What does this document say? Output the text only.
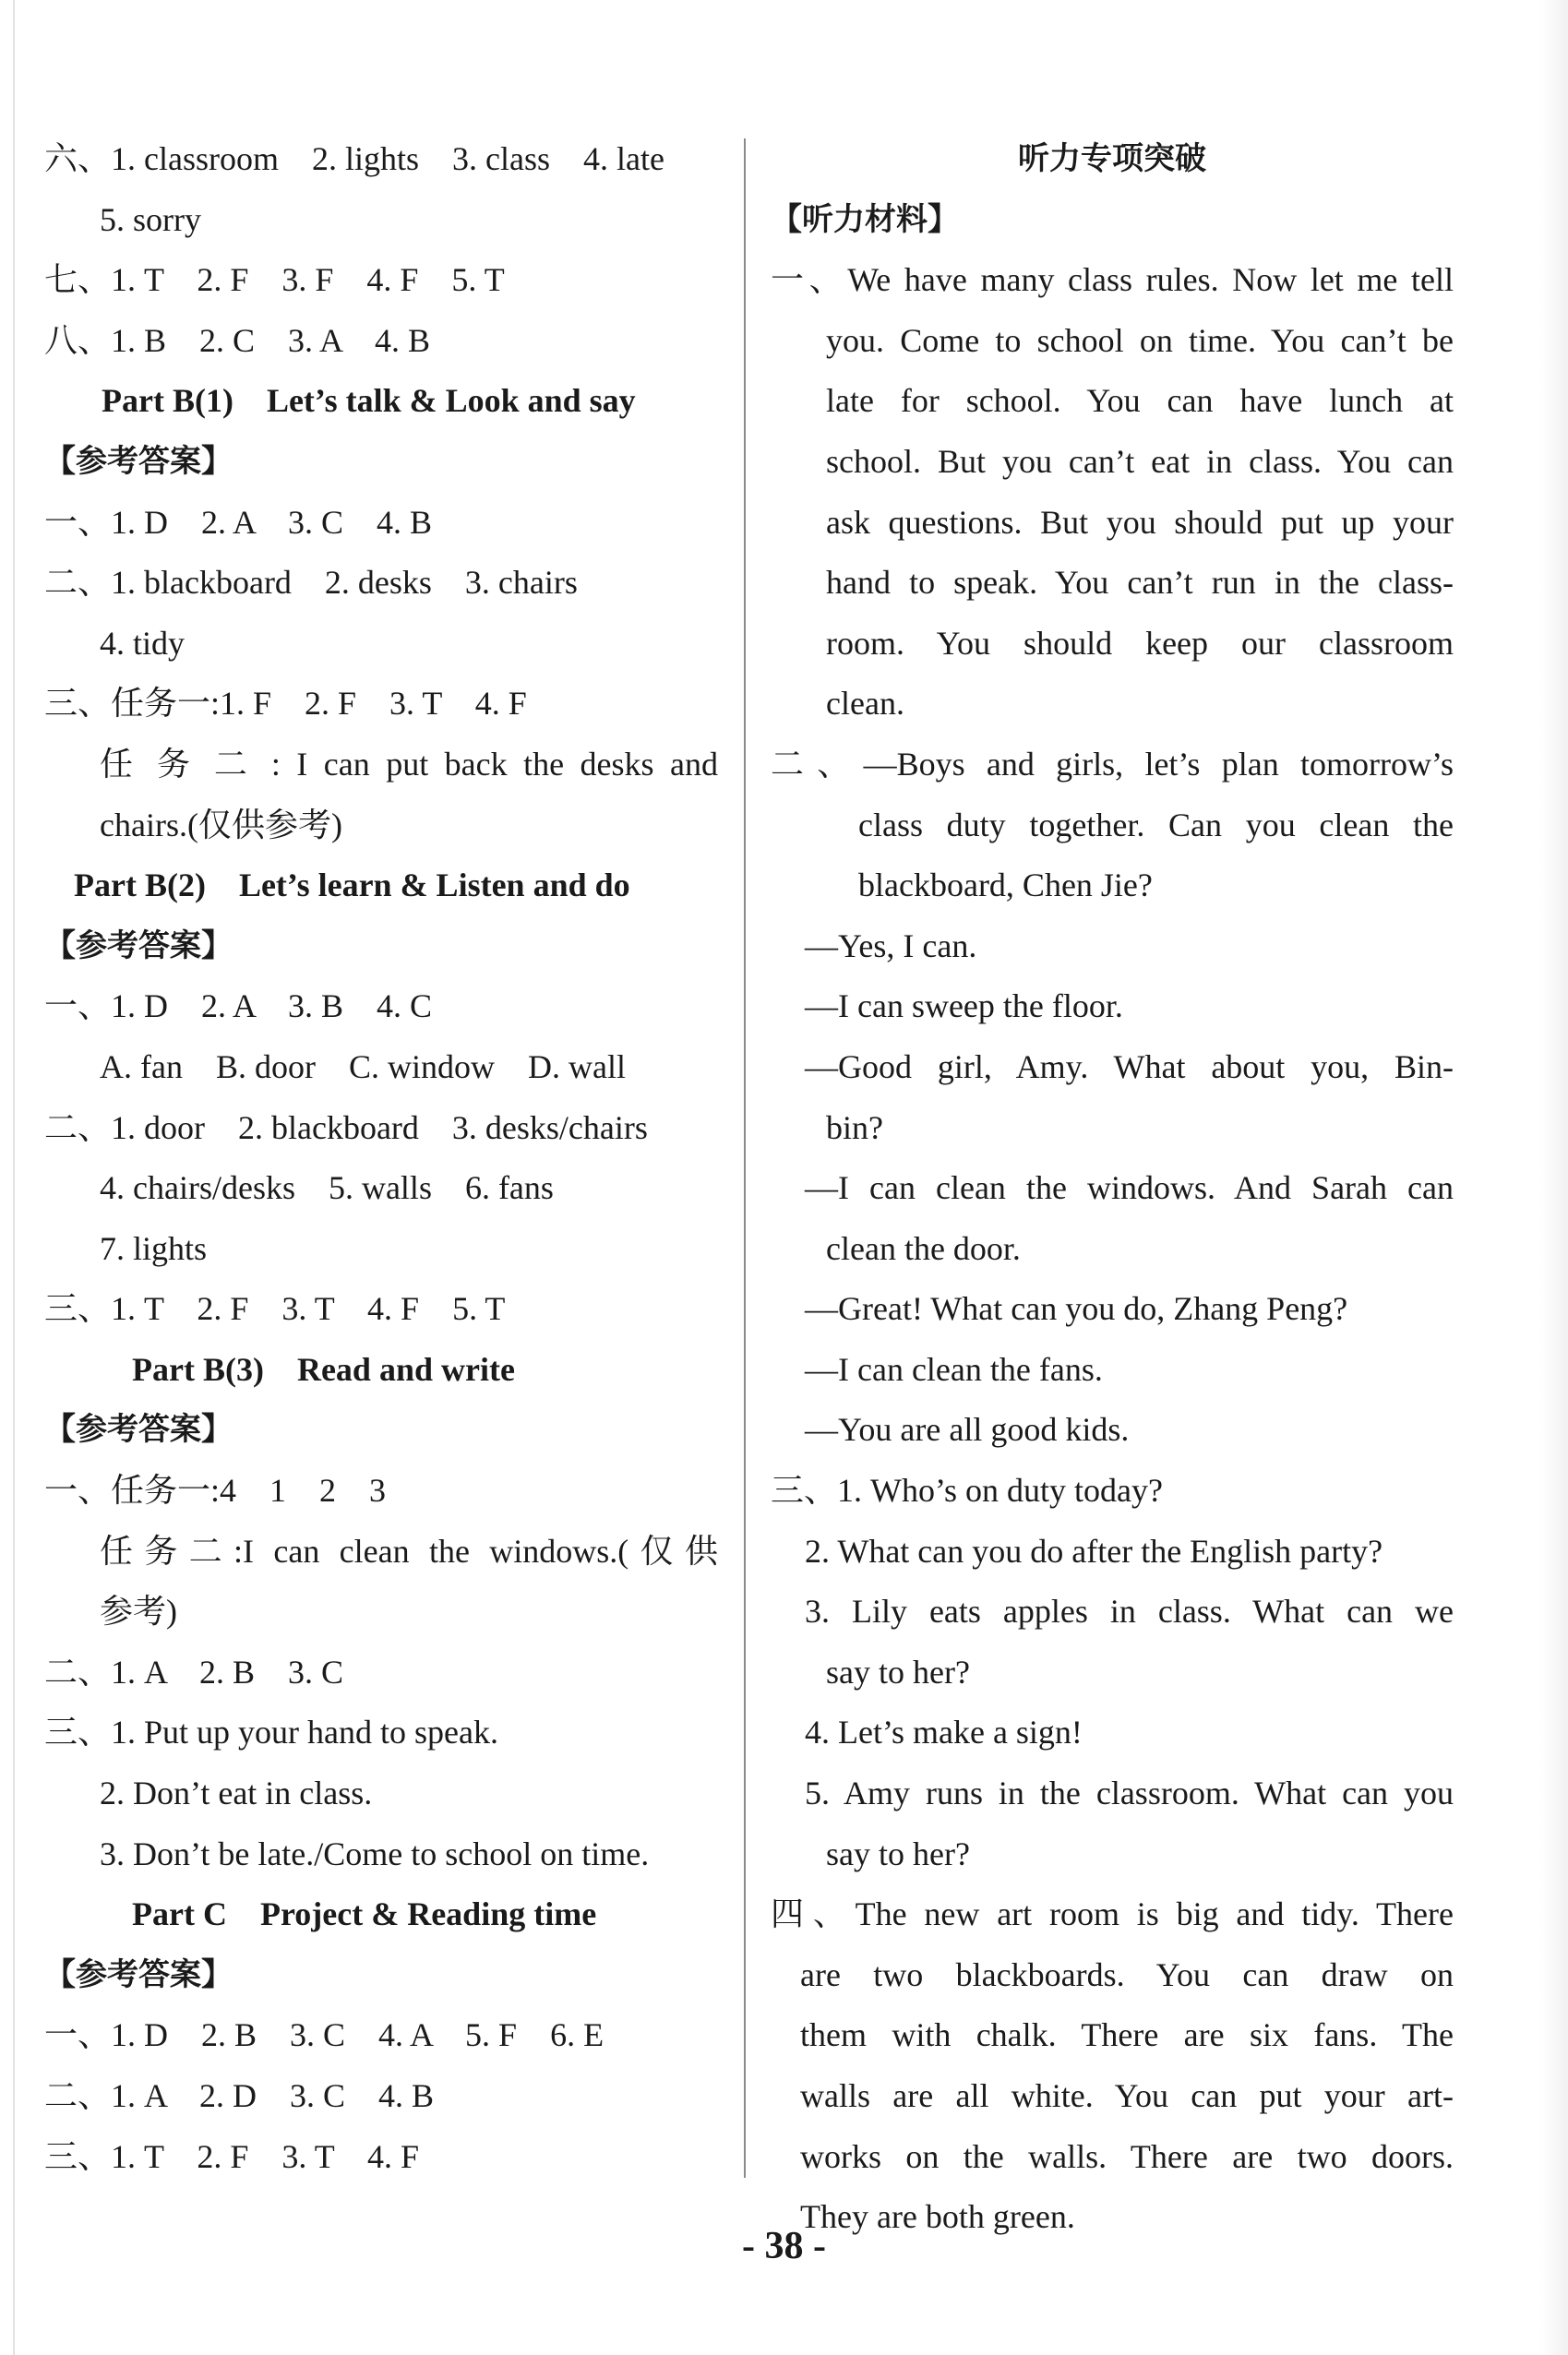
六、1. classroom　2. lights　3. class　4. late
5. sorry
七、1. T　2. F　3. F　4. F　5. T
八、1. B　2. C　3. A　4. B
Part B(1)　Let’s talk & Look and say
【参考答案】
一、1. D　2. A　3. C　4. B
二、1. blackboard　2. desks　3. chairs
4. tidy
三、任务一:1. F　2. F　3. T　4. F
任 务 二 : I can put back the desks and
chairs.(仅供参考)
Part B(2)　Let’s learn & Listen and do
【参考答案】
一、1. D　2. A　3. B　4. C
A. fan　B. door　C. window　D. wall
二、1. door　2. blackboard　3. desks/chairs
4. chairs/desks　5. walls　6. fans
7. lights
三、1. T　2. F　3. T　4. F　5. T
Part B(3)　Read and write
【参考答案】
一、任务一:4　1　2　3
任务二:I can clean the windows.(仅供
参考)
二、1. A　2. B　3. C
三、1. Put up your hand to speak.
2. Don’t eat in class.
3. Don’t be late./Come to school on time.
Part C　Project & Reading time
【参考答案】
一、1. D　2. B　3. C　4. A　5. F　6. E
二、1. A　2. D　3. C　4. B
三、1. T　2. F　3. T　4. F
听力专项突破
【听力材料】
一、We have many class rules. Now let me tell
you. Come to school on time. You can’t be
late for school. You can have lunch at
school. But you can’t eat in class. You can
ask questions. But you should put up your
hand to speak. You can’t run in the class-
room. You should keep our classroom
clean.
二、—Boys and girls, let’s plan tomorrow’s
class duty together. Can you clean the
blackboard, Chen Jie?
—Yes, I can.
—I can sweep the floor.
—Good girl, Amy. What about you, Bin-
bin?
—I can clean the windows. And Sarah can
clean the door.
—Great! What can you do, Zhang Peng?
—I can clean the fans.
—You are all good kids.
三、1. Who’s on duty today?
2. What can you do after the English party?
3. Lily eats apples in class. What can we
say to her?
4. Let’s make a sign!
5. Amy runs in the classroom. What can you
say to her?
四、The new art room is big and tidy. There
are two blackboards. You can draw on
them with chalk. There are six fans. The
walls are all white. You can put your art-
works on the walls. There are two doors.
They are both green.
- 38 -
